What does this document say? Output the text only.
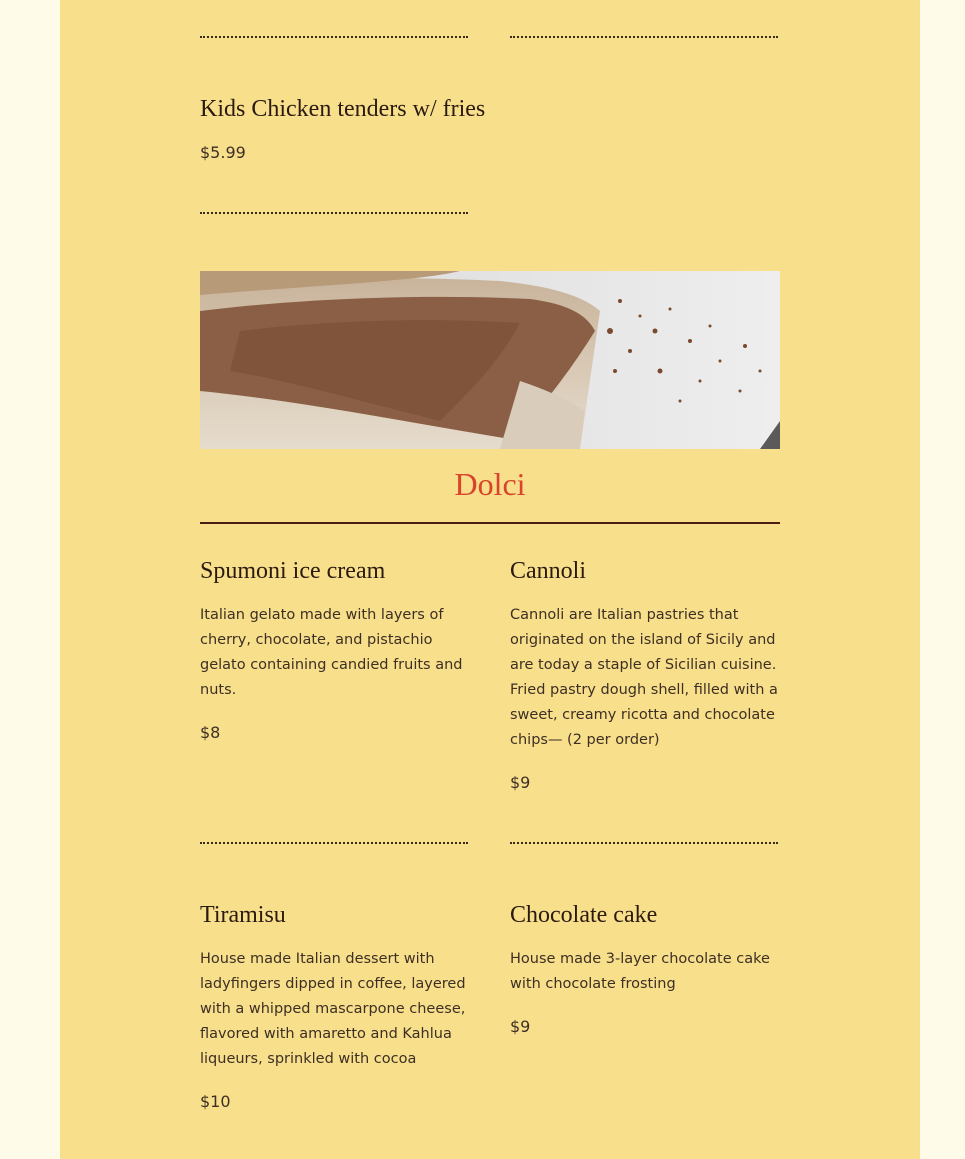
Kids Chicken tenders w/ fries
$5.99
Dolci
Spumoni ice cream
Italian gelato made with layers of cherry, chocolate, and pistachio gelato containing candied fruits and nuts.
$8
Cannoli
Cannoli are Italian pastries that originated on the island of Sicily and are today a staple of Sicilian cuisine. Fried pastry dough shell, filled with a sweet, creamy ricotta and chocolate chips— (2 per order)
$9
Tiramisu
House made Italian dessert with ladyfingers dipped in coffee, layered with a whipped mascarpone cheese, flavored with amaretto and Kahlua liqueurs, sprinkled with cocoa
$10
Chocolate cake
House made 3-layer chocolate cake with chocolate frosting
$9
